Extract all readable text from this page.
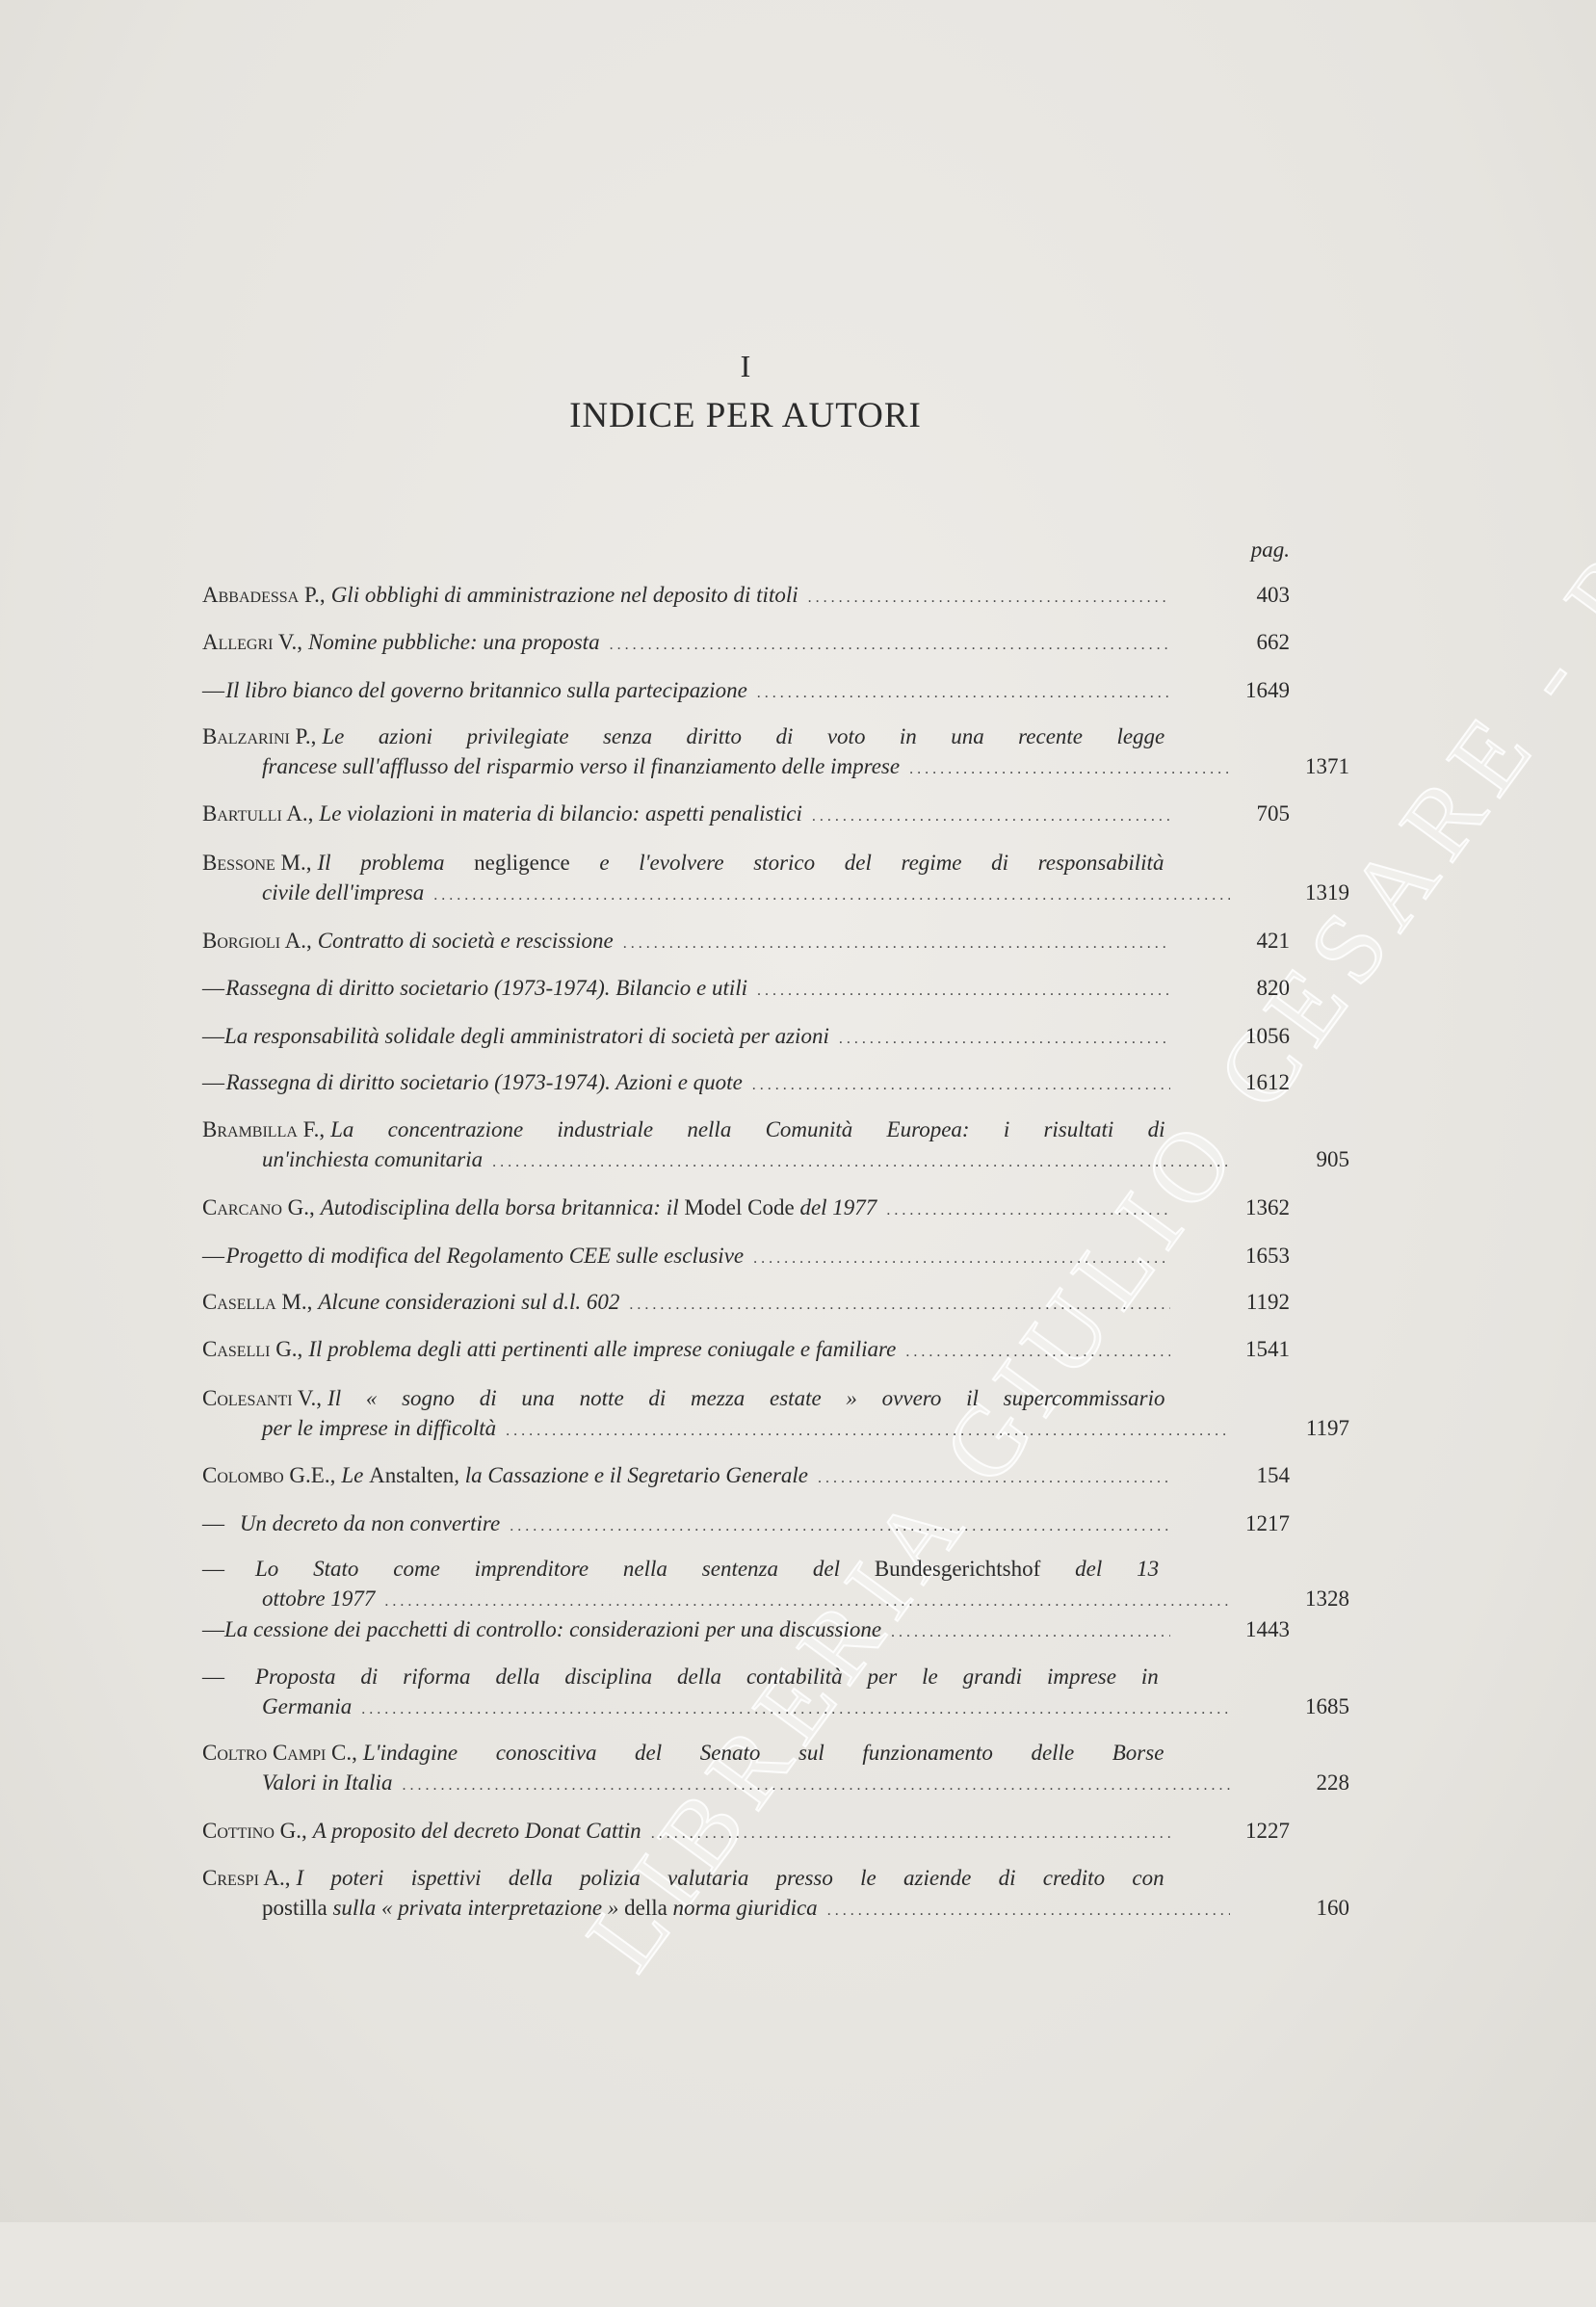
I
INDICE PER AUTORI
pag.
Abbadessa P., Gli obblighi di amministrazione nel deposito di titoli . . .	403
Allegri V., Nomine pubbliche: una proposta . . .	662
— Il libro bianco del governo britannico sulla partecipazione . . .	1649
Balzarini P., Le azioni privilegiate senza diritto di voto in una recente legge
francese sull'afflusso del risparmio verso il finanziamento delle imprese . . .	1371
Bartulli A., Le violazioni in materia di bilancio: aspetti penalistici . . .	705
Bessone M., Il problema negligence e l'evolvere storico del regime di responsabilità
civile dell'impresa . . .	1319
Borgioli A., Contratto di società e rescissione . . .	421
— Rassegna di diritto societario (1973-1974). Bilancio e utili . . .	820
— La responsabilità solidale degli amministratori di società per azioni . . .	1056
— Rassegna di diritto societario (1973-1974). Azioni e quote . . .	1612
Brambilla F., La concentrazione industriale nella Comunità Europea: i risultati di
un'inchiesta comunitaria . . .	905
Carcano G., Autodisciplina della borsa britannica: il Model Code del 1977 . . .	1362
— Progetto di modifica del Regolamento CEE sulle esclusive . . .	1653
Casella M., Alcune considerazioni sul d.l. 602 . . .	1192
Caselli G., Il problema degli atti pertinenti alle imprese coniugale e familiare . . .	1541
Colesanti V., Il « sogno di una notte di mezza estate » ovvero il supercommissario
per le imprese in difficoltà . . .	1197
Colombo G.E., Le Anstalten, la Cassazione e il Segretario Generale . . .	154
— Un decreto da non convertire . . .	1217
—	Lo Stato come imprenditore nella sentenza del Bundesgerichtshof del 13
ottobre 1977 . . .	1328
— La cessione dei pacchetti di controllo: considerazioni per una discussione . . .	1443
—	Proposta di riforma della disciplina della contabilità per le grandi imprese in
Germania . . .	1685
Coltro Campi C., L'indagine conoscitiva del Senato sul funzionamento delle Borse
Valori in Italia . . .	228
Cottino G., A proposito del decreto Donat Cattin . . .	1227
Crespi A., I poteri ispettivi della polizia valutaria presso le aziende di credito con
postilla sulla « privata interpretazione » della norma giuridica . . .	160
